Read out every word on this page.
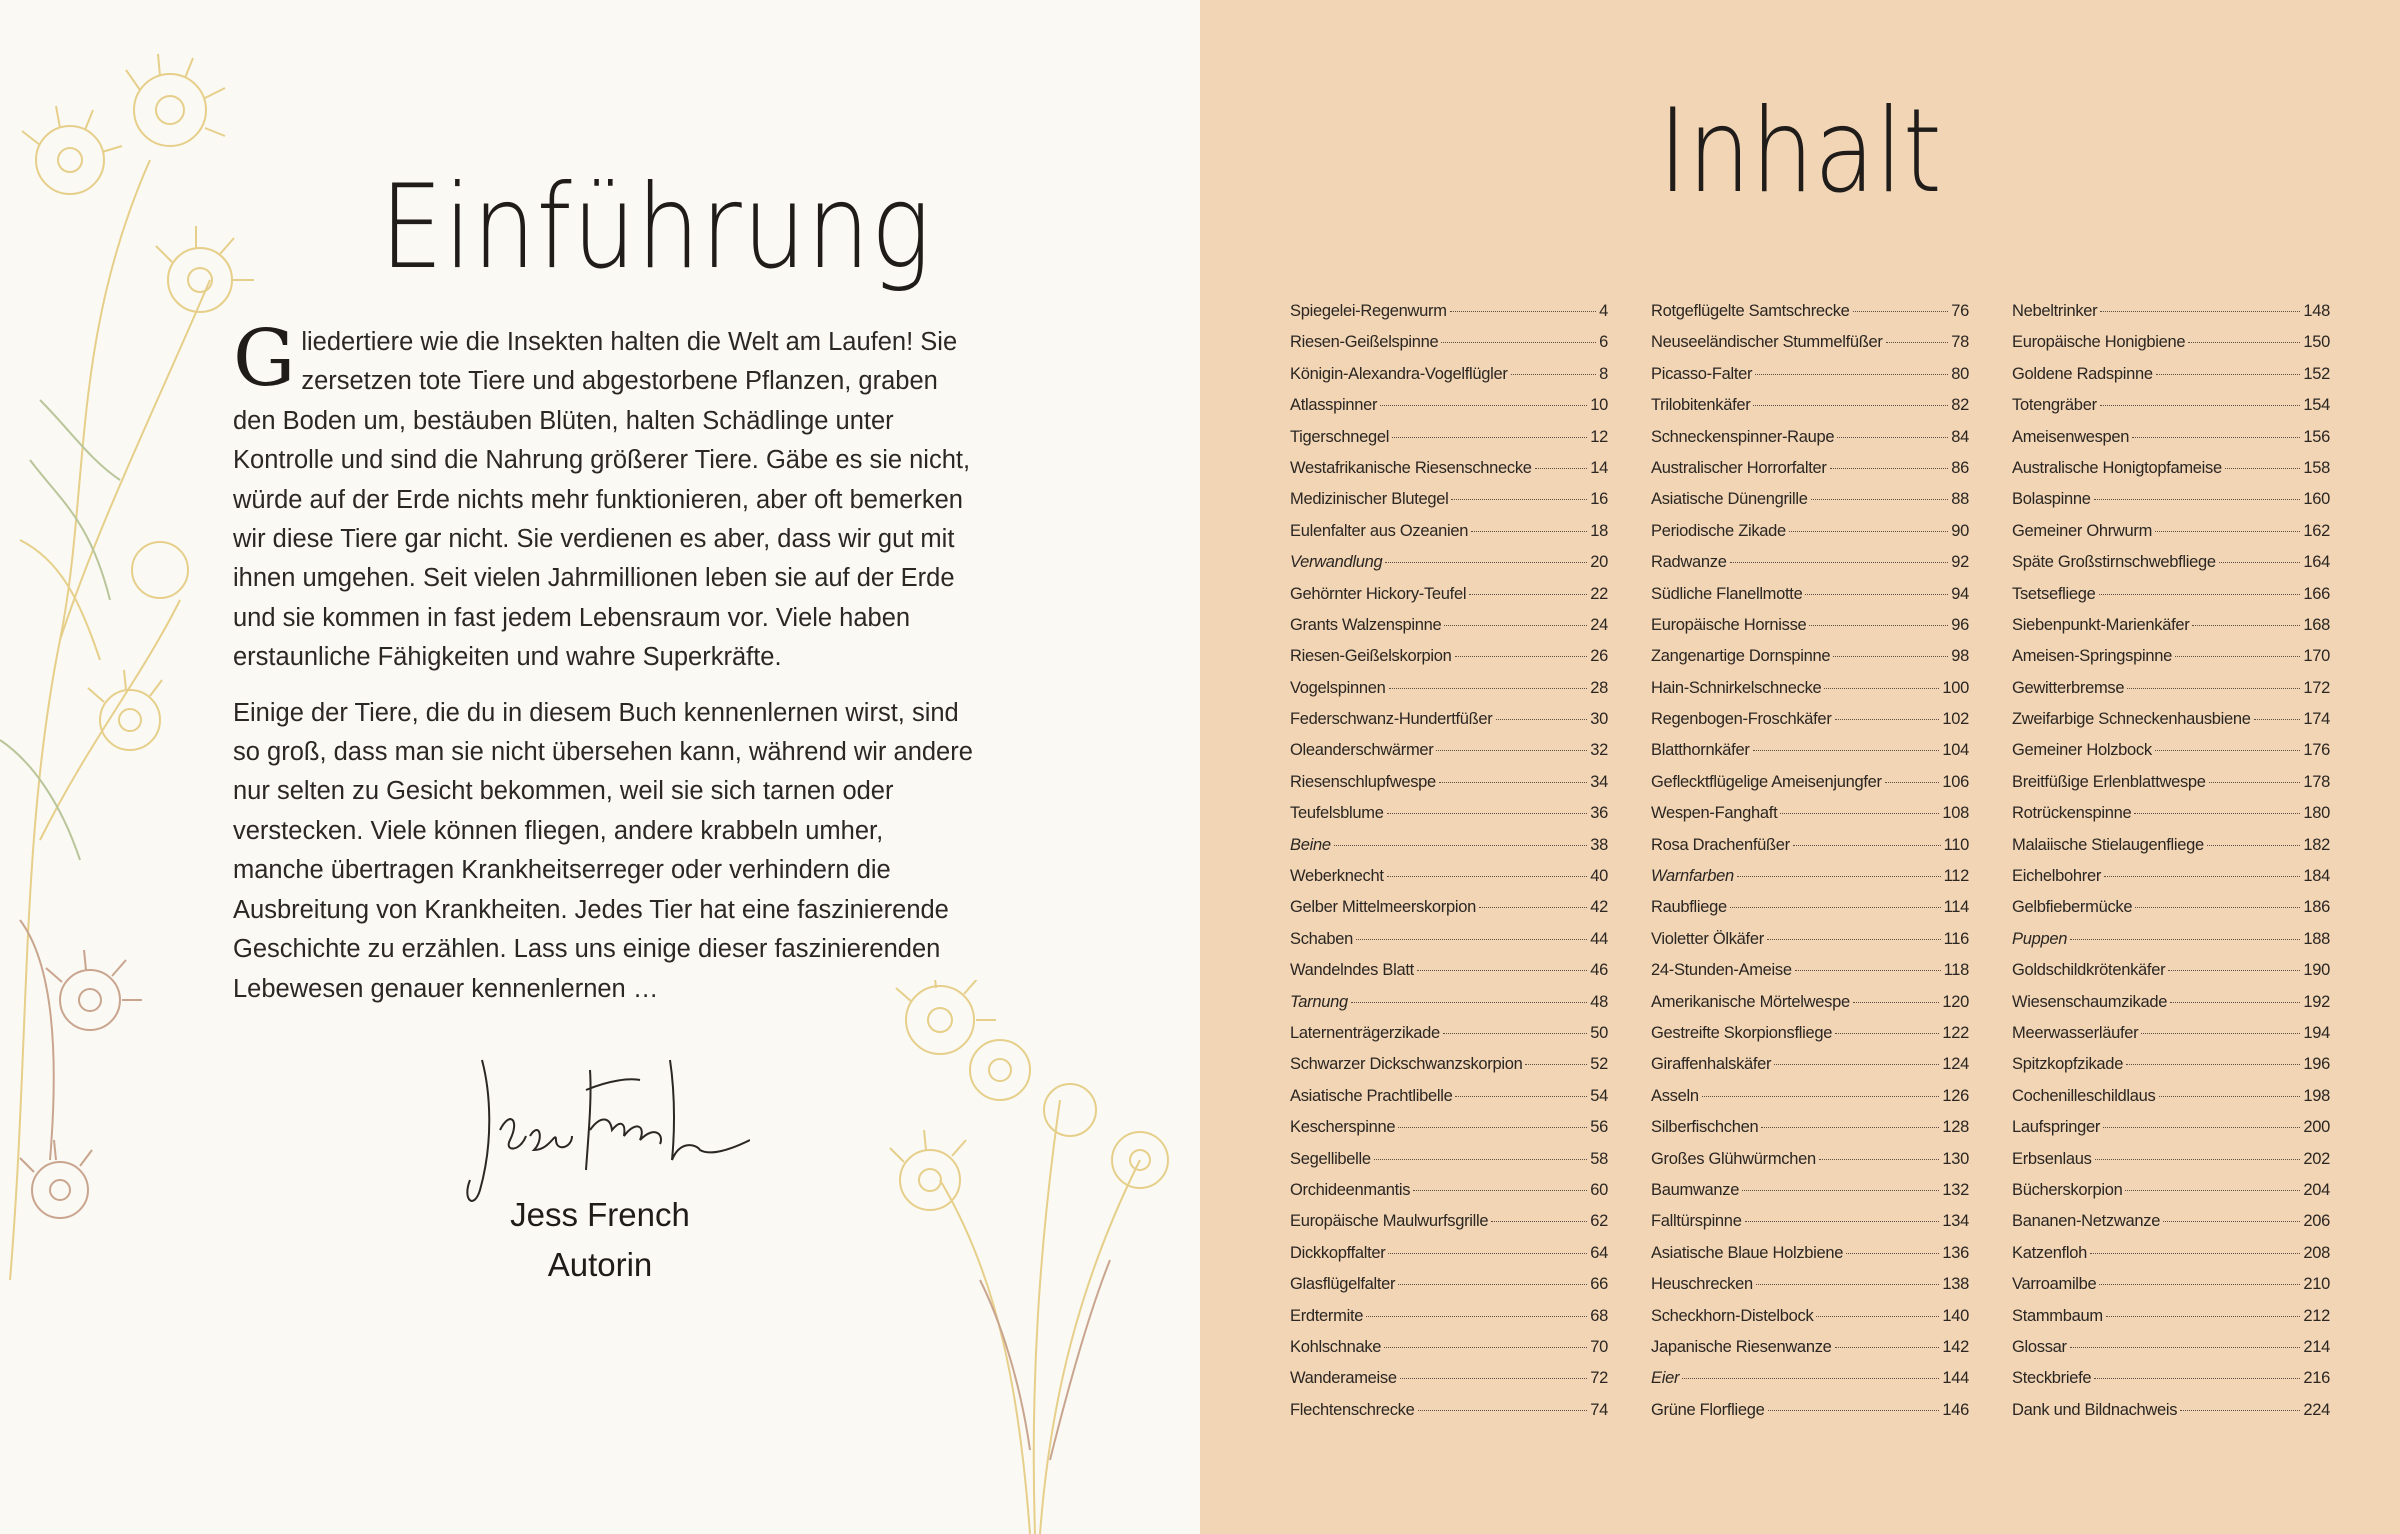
Einführung

Gliedertiere wie die Insekten halten die Welt am Laufen! Sie zersetzen tote Tiere und abgestorbene Pflanzen, graben den Boden um, bestäuben Blüten, halten Schädlinge unter Kontrolle und sind die Nahrung größerer Tiere. Gäbe es sie nicht, würde auf der Erde nichts mehr funktionieren, aber oft bemerken wir diese Tiere gar nicht. Sie verdienen es aber, dass wir gut mit ihnen umgehen. Seit vielen Jahrmillionen leben sie auf der Erde und sie kommen in fast jedem Lebensraum vor. Viele haben erstaunliche Fähigkeiten und wahre Superkräfte.

Einige der Tiere, die du in diesem Buch kennenlernen wirst, sind so groß, dass man sie nicht übersehen kann, während wir andere nur selten zu Gesicht bekommen, weil sie sich tarnen oder verstecken. Viele können fliegen, andere krabbeln umher, manche übertragen Krankheitserreger oder verhindern die Ausbreitung von Krankheiten. Jedes Tier hat eine faszinierende Geschichte zu erzählen. Lass uns einige dieser faszinierenden Lebewesen genauer kennenlernen …

Jess French
Autorin
Inhalt
Spiegelei-Regenwurm	4
Riesen-Geißelspinne	6
Königin-Alexandra-Vogelflügler	8
Atlasspinner	10
Tigerschnegel	12
Westafrikanische Riesenschnecke	14
Medizinischer Blutegel	16
Eulenfalter aus Ozeanien	18
Verwandlung	20
Gehörnter Hickory-Teufel	22
Grants Walzenspinne	24
Riesen-Geißelskorpion	26
Vogelspinnen	28
Federschwanz-Hundertfüßer	30
Oleanderschwärmer	32
Riesenschlupfwespe	34
Teufelsblume	36
Beine	38
Weberknecht	40
Gelber Mittelmeerskorpion	42
Schaben	44
Wandelndes Blatt	46
Tarnung	48
Laternenträgerzikade	50
Schwarzer Dickschwanzskorpion	52
Asiatische Prachtlibelle	54
Kescherspinne	56
Segellibelle	58
Orchideenmantis	60
Europäische Maulwurfsgrille	62
Dickkopffalter	64
Glasflügelfalter	66
Erdtermite	68
Kohlschnake	70
Wanderameise	72
Flechtenschrecke	74
Rotgeflügelte Samtschrecke	76
Neuseeländischer Stummelfüßer	78
Picasso-Falter	80
Trilobitenkäfer	82
Schneckenspinner-Raupe	84
Australischer Horrorfalter	86
Asiatische Dünengrille	88
Periodische Zikade	90
Radwanze	92
Südliche Flanellmotte	94
Europäische Hornisse	96
Zangenartige Dornspinne	98
Hain-Schnirkelschnecke	100
Regenbogen-Froschkäfer	102
Blatthornkäfer	104
Geflecktflügelige Ameisenjungfer	106
Wespen-Fanghaft	108
Rosa Drachenfüßer	110
Warnfarben	112
Raubfliege	114
Violetter Ölkäfer	116
24-Stunden-Ameise	118
Amerikanische Mörtelwespe	120
Gestreifte Skorpionsfliege	122
Giraffenhalskäfer	124
Asseln	126
Silberfischchen	128
Großes Glühwürmchen	130
Baumwanze	132
Falltürspinne	134
Asiatische Blaue Holzbiene	136
Heuschrecken	138
Scheckhorn-Distelbock	140
Japanische Riesenwanze	142
Eier	144
Grüne Florfliege	146
Nebeltrinker	148
Europäische Honigbiene	150
Goldene Radspinne	152
Totengräber	154
Ameisenwespen	156
Australische Honigtopfameise	158
Bolaspinne	160
Gemeiner Ohrwurm	162
Späte Großstirnschwebfliege	164
Tsetsefliege	166
Siebenpunkt-Marienkäfer	168
Ameisen-Springspinne	170
Gewitterbremse	172
Zweifarbige Schneckenhausbiene	174
Gemeiner Holzbock	176
Breitfüßige Erlenblattwespe	178
Rotrückenspinne	180
Malaiische Stielaugenfliege	182
Eichelbohrer	184
Gelbfiebermücke	186
Puppen	188
Goldschildkrötenkäfer	190
Wiesenschaumzikade	192
Meerwasserläufer	194
Spitzkopfzikade	196
Cochenilleschildlaus	198
Laufspringer	200
Erbsenlaus	202
Bücherskorpion	204
Bananen-Netzwanze	206
Katzenfloh	208
Varroamilbe	210
Stammbaum	212
Glossar	214
Steckbriefe	216
Dank und Bildnachweis	224
